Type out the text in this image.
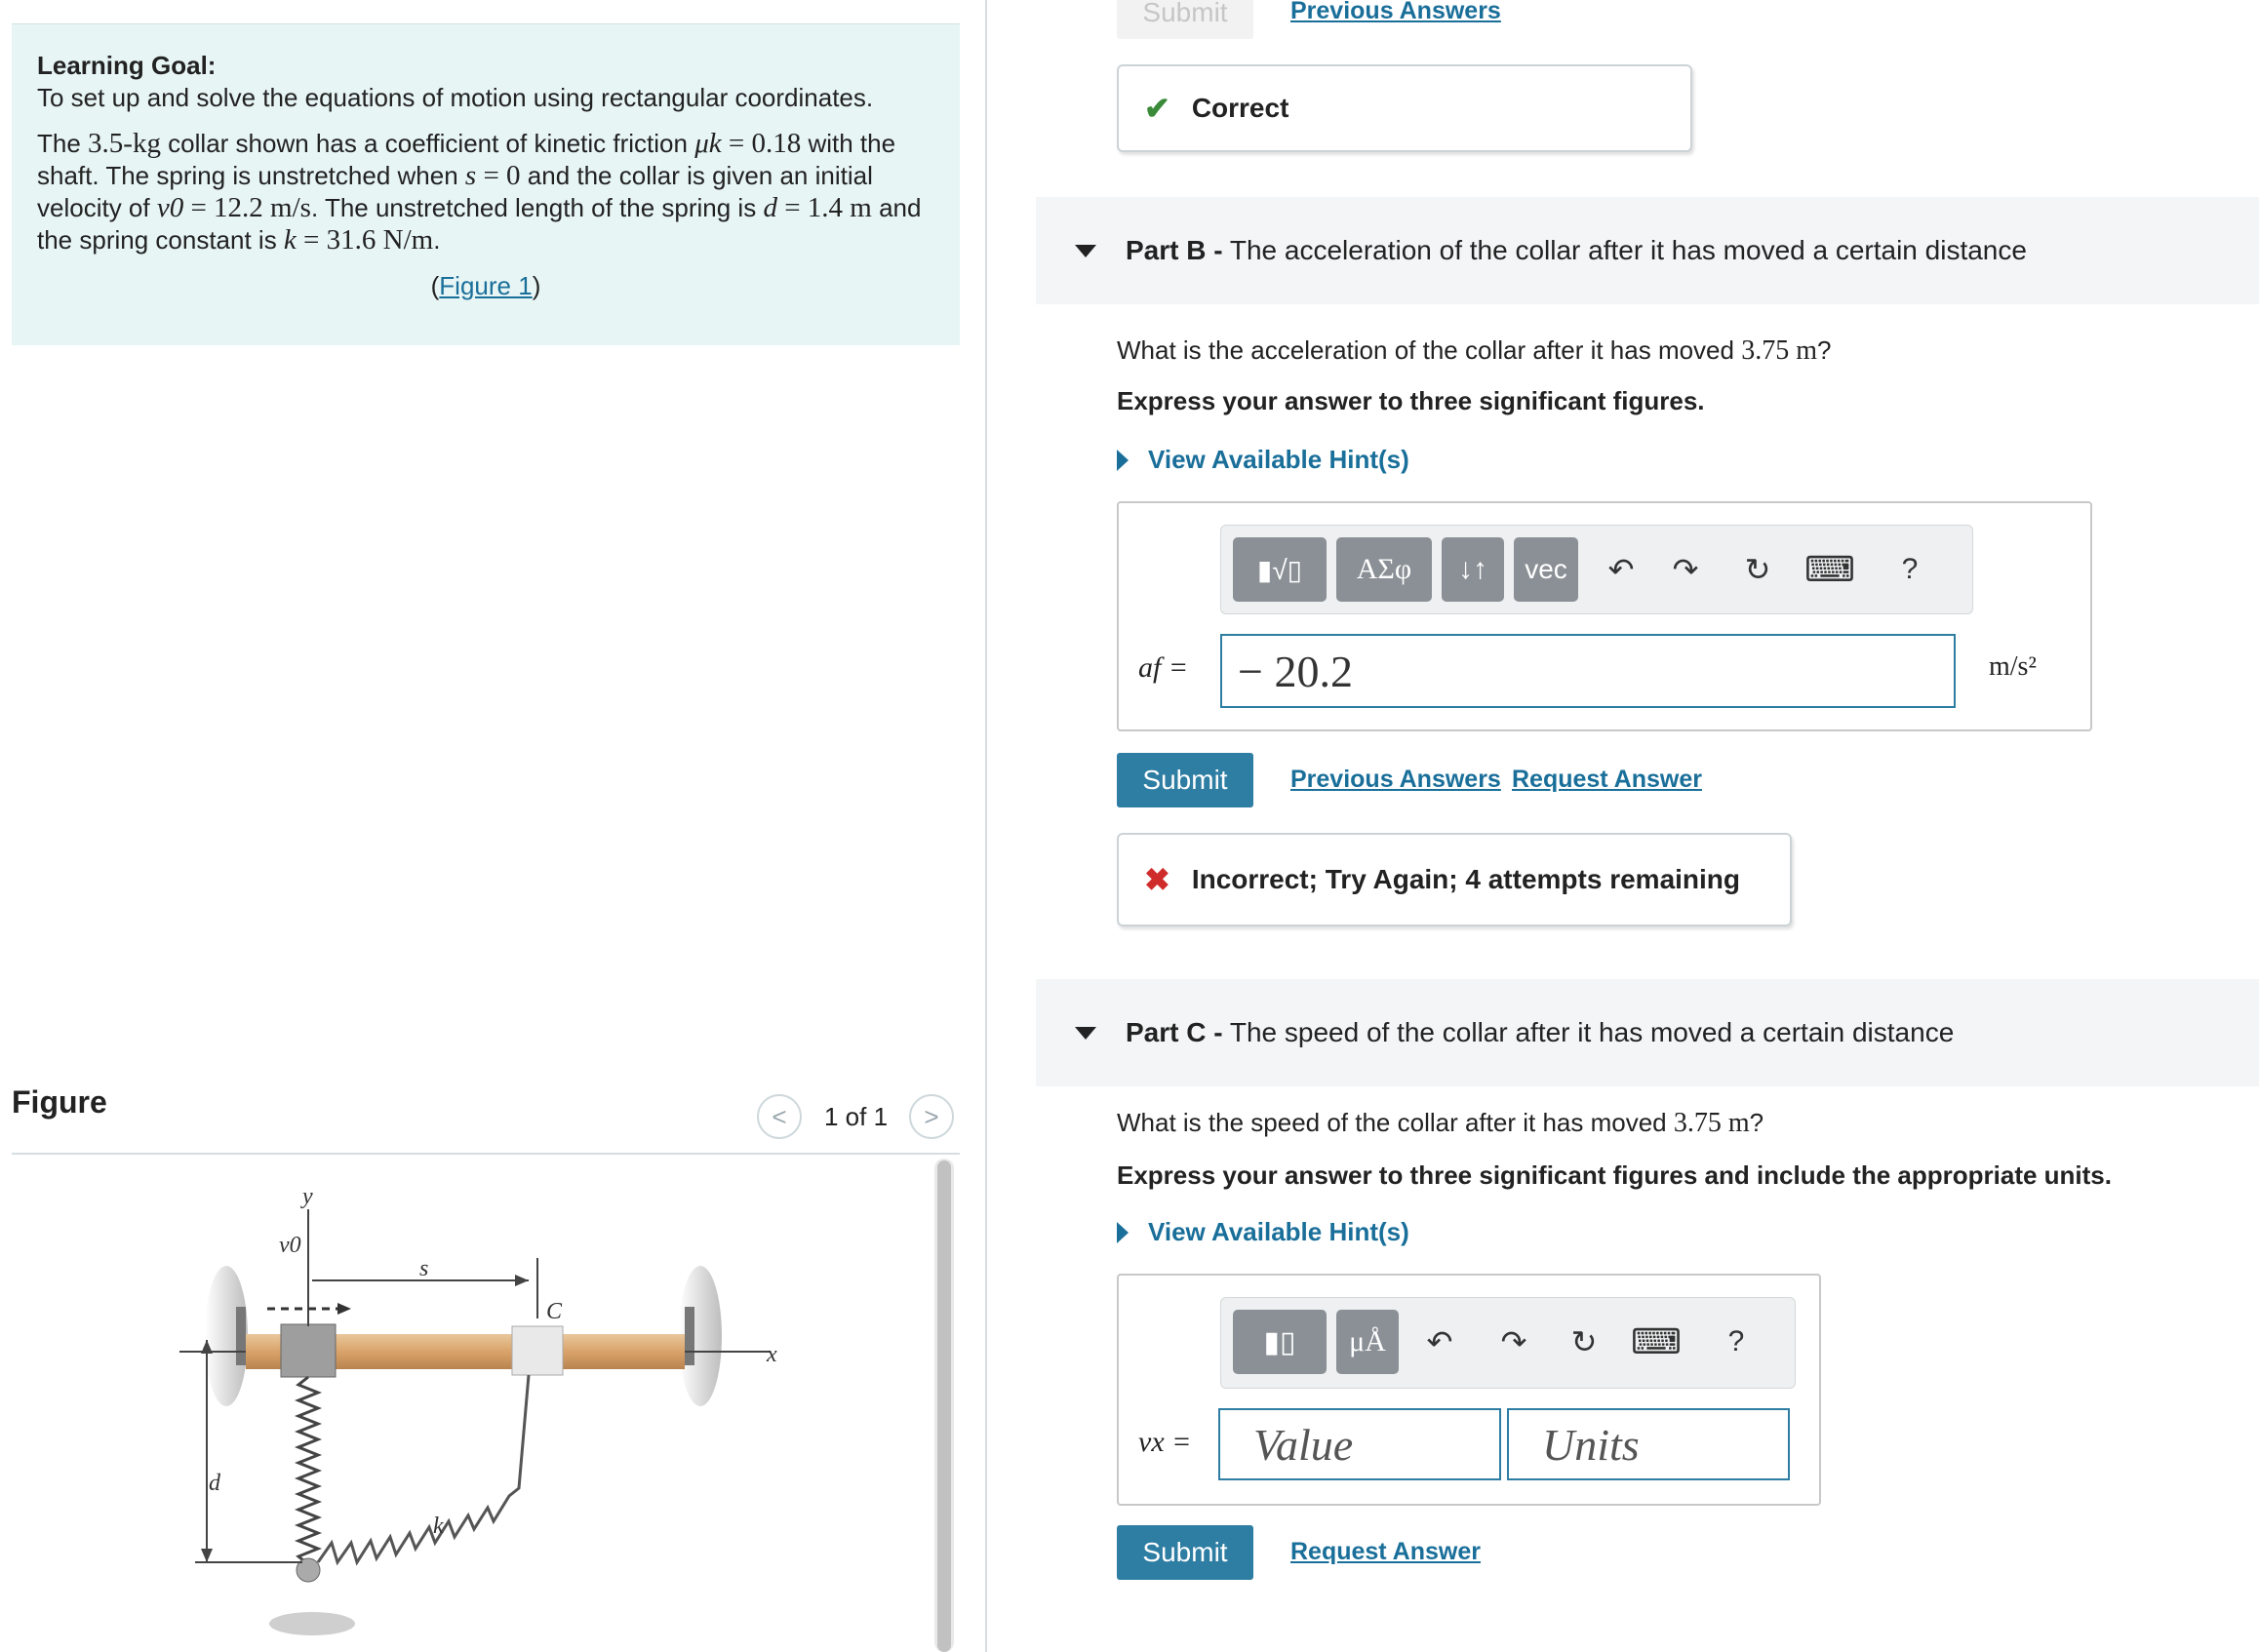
Learning Goal:

To set up and solve the equations of motion using rectangular coordinates.

The 3.5-kg collar shown has a coefficient of kinetic friction μk = 0.18 with the shaft. The spring is unstretched when s = 0 and the collar is given an initial velocity of v0 = 12.2 m/s. The unstretched length of the spring is d = 1.4 m and the spring constant is k = 31.6 N/m.

(Figure 1)
Figure	< 1 of 1 >
y
v0
s
C
x
d
k
Submit	Previous Answers
✔ Correct
Part B - The acceleration of the collar after it has moved a certain distance
What is the acceleration of the collar after it has moved 3.75 m?
Express your answer to three significant figures.
View Available Hint(s)
▮√▯	ΑΣφ	↓↑	vec	↶	↷	↻ ⌨	?
af =	− 20.2	m/s²
Submit	Previous Answers Request Answer
✖ Incorrect; Try Again; 4 attempts remaining
Part C - The speed of the collar after it has moved a certain distance
What is the speed of the collar after it has moved 3.75 m?
Express your answer to three significant figures and include the appropriate units.
View Available Hint(s)
▮▯	μÅ	↶	↷	↻ ⌨	?
vx =	Value	Units
Submit	Request Answer
